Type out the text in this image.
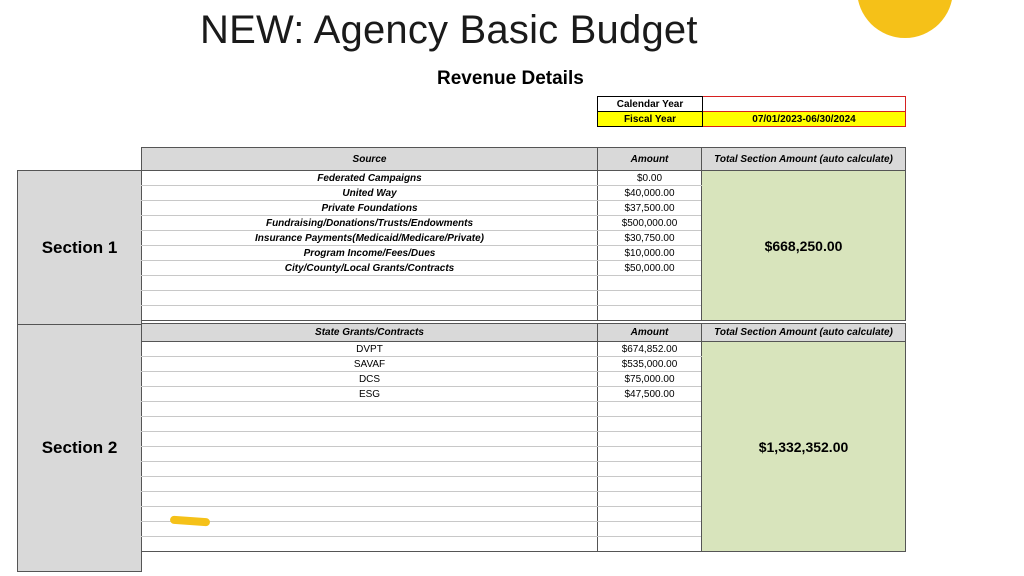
NEW: Agency Basic Budget
Revenue Details
Calendar Year	
Fiscal Year	07/01/2023-06/30/2024
Section 1
Source	Amount	Total Section Amount (auto calculate)
Federated Campaigns	$0.00	$668,250.00
United Way	$40,000.00	
Private Foundations	$37,500.00	
Fundraising/Donations/Trusts/Endowments	$500,000.00	
Insurance Payments(Medicaid/Medicare/Private)	$30,750.00	
Program Income/Fees/Dues	$10,000.00	
City/County/Local Grants/Contracts	$50,000.00	

Section 2
State Grants/Contracts	Amount	Total Section Amount (auto calculate)
DVPT	$674,852.00	$1,332,352.00
SAVAF	$535,000.00	
DCS	$75,000.00	
ESG	$47,500.00	
